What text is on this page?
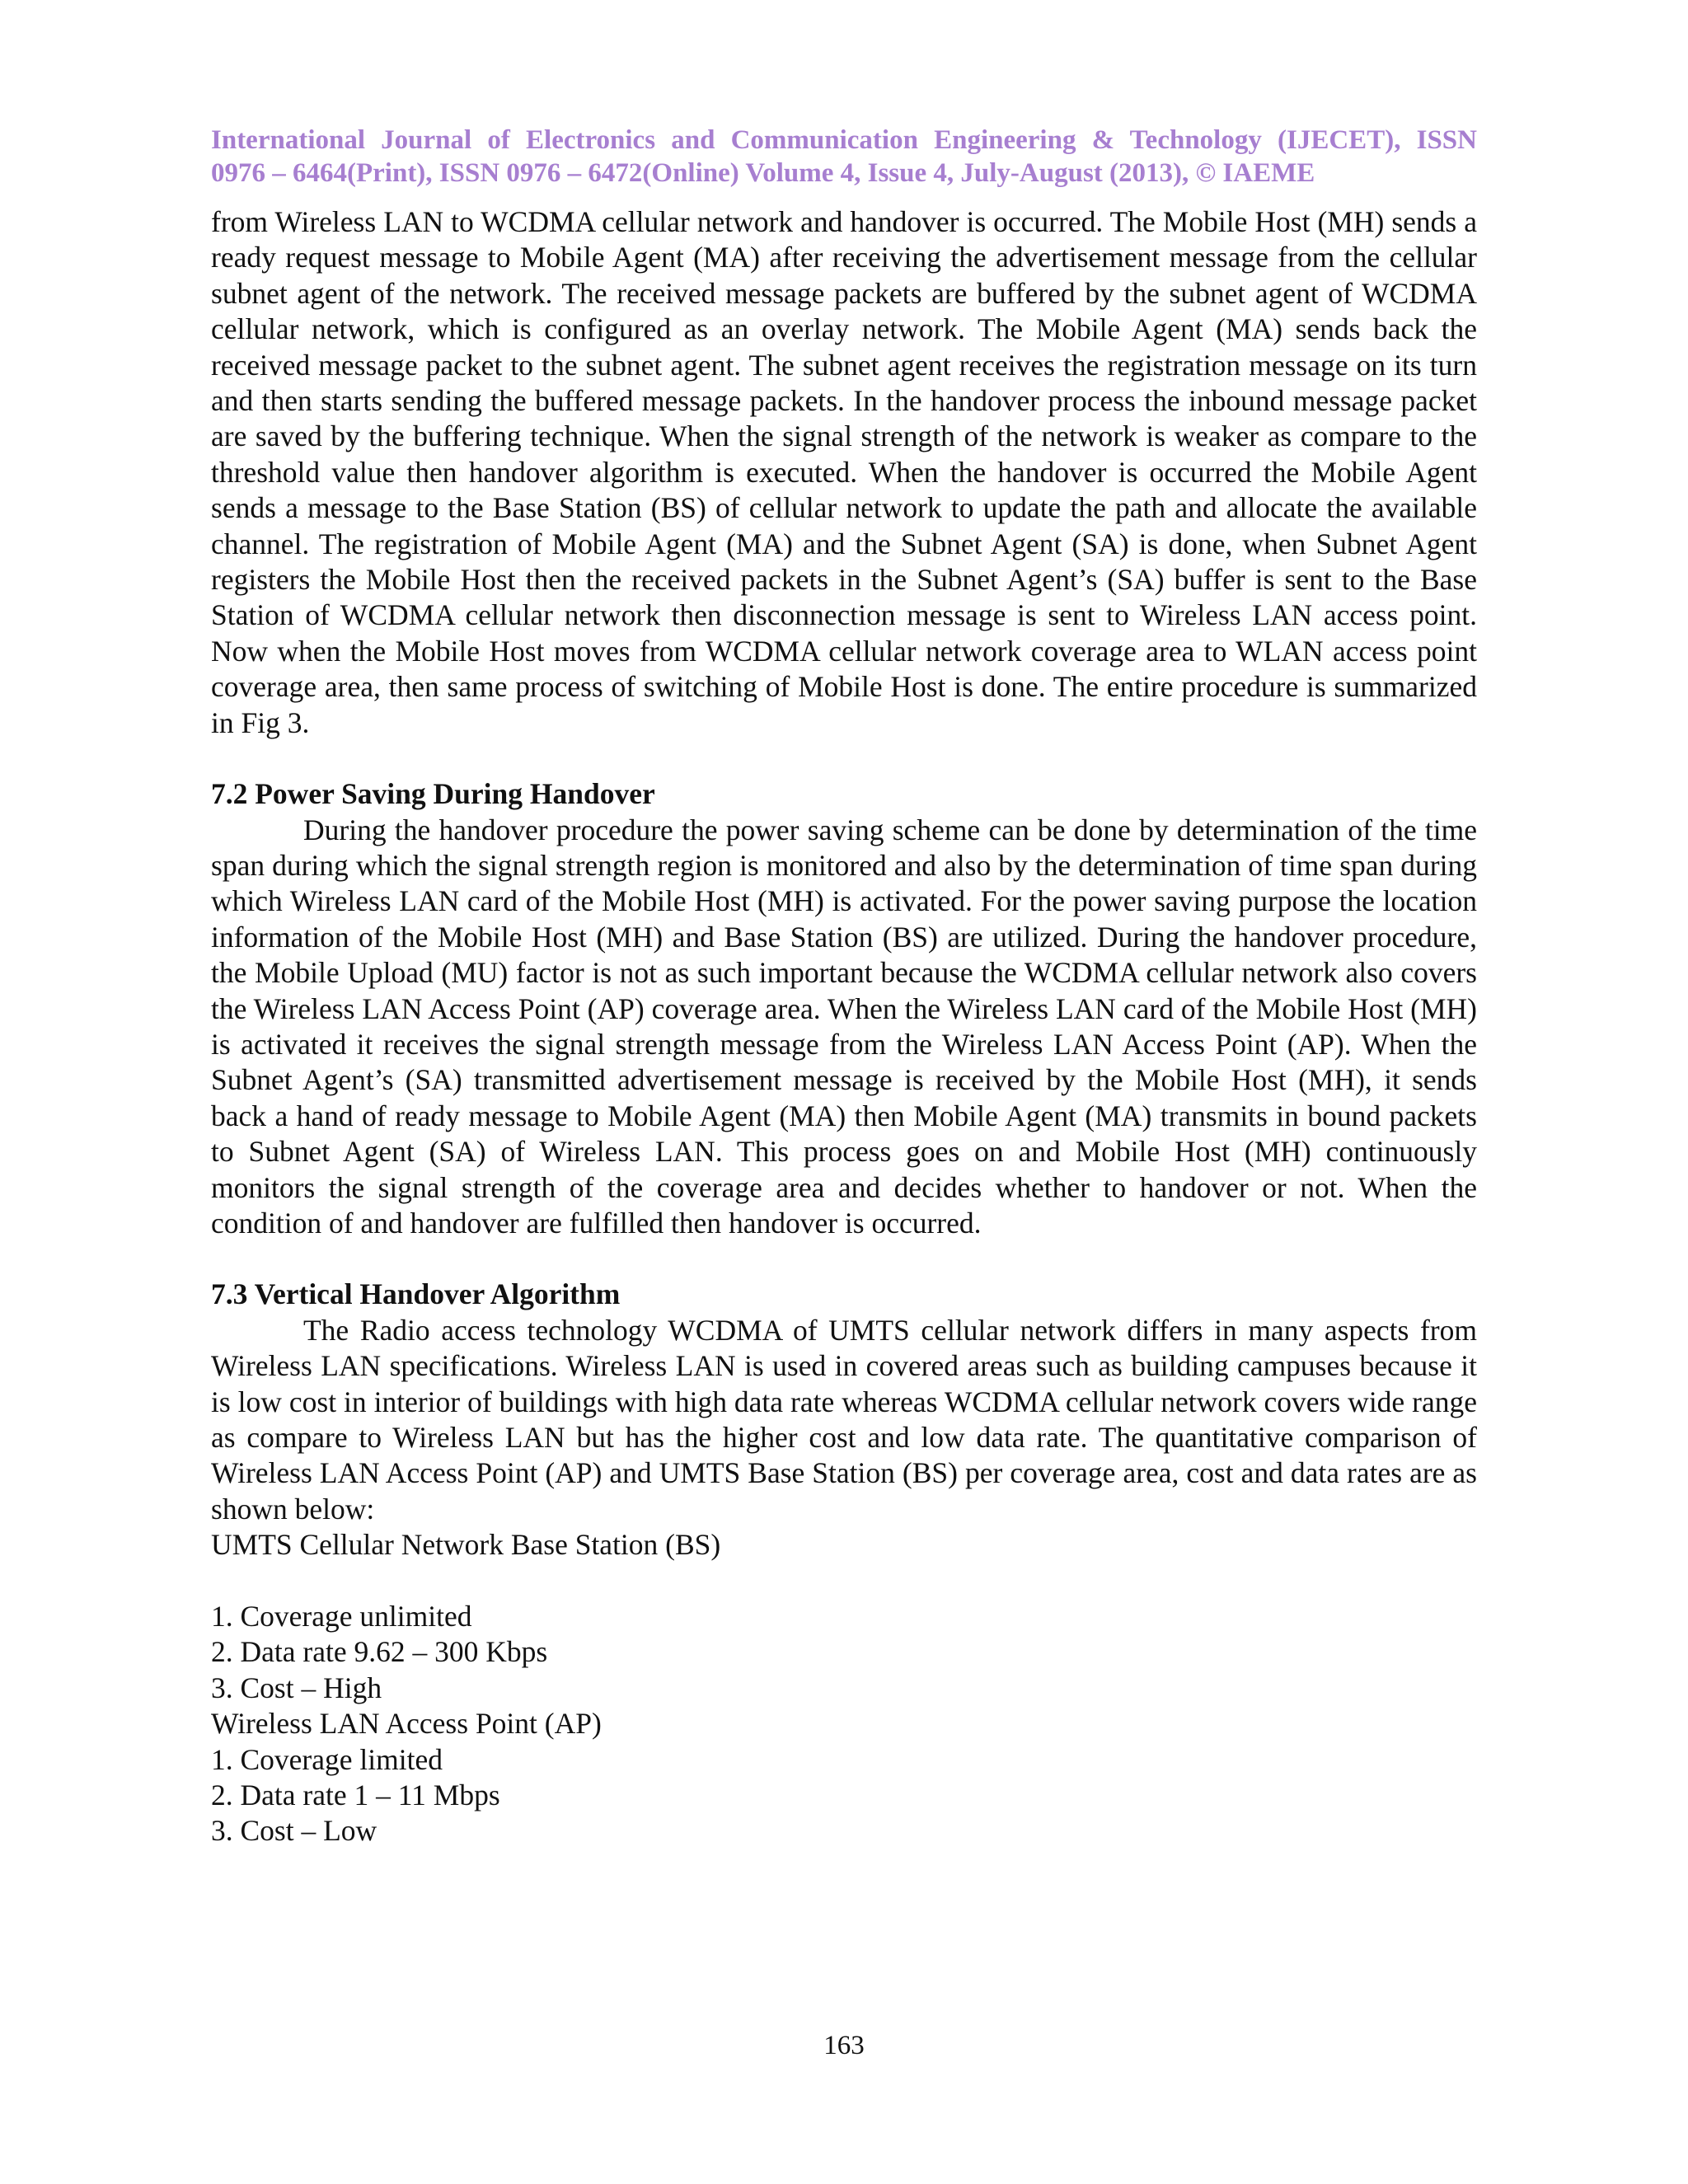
International Journal of Electronics and Communication Engineering & Technology (IJECET), ISSN
0976 – 6464(Print), ISSN 0976 – 6472(Online) Volume 4, Issue 4, July-August (2013), © IAEME

from Wireless LAN to WCDMA cellular network and handover is occurred. The Mobile Host (MH) sends a ready request message to Mobile Agent (MA) after receiving the advertisement message from the cellular subnet agent of the network. The received message packets are buffered by the subnet agent of WCDMA cellular network, which is configured as an overlay network. The Mobile Agent (MA) sends back the received message packet to the subnet agent. The subnet agent receives the registration message on its turn and then starts sending the buffered message packets. In the handover process the inbound message packet are saved by the buffering technique. When the signal strength of the network is weaker as compare to the threshold value then handover algorithm is executed. When the handover is occurred the Mobile Agent sends a message to the Base Station (BS) of cellular network to update the path and allocate the available channel. The registration of Mobile Agent (MA) and the Subnet Agent (SA) is done, when Subnet Agent registers the Mobile Host then the received packets in the Subnet Agent’s (SA) buffer is sent to the Base Station of WCDMA cellular network then disconnection message is sent to Wireless LAN access point. Now when the Mobile Host moves from WCDMA cellular network coverage area to WLAN access point coverage area, then same process of switching of Mobile Host is done. The entire procedure is summarized in Fig 3.

7.2 Power Saving During Handover

During the handover procedure the power saving scheme can be done by determination of the time span during which the signal strength region is monitored and also by the determination of time span during which Wireless LAN card of the Mobile Host (MH) is activated. For the power saving purpose the location information of the Mobile Host (MH) and Base Station (BS) are utilized. During the handover procedure, the Mobile Upload (MU) factor is not as such important because the WCDMA cellular network also covers the Wireless LAN Access Point (AP) coverage area. When the Wireless LAN card of the Mobile Host (MH) is activated it receives the signal strength message from the Wireless LAN Access Point (AP). When the Subnet Agent’s (SA) transmitted advertisement message is received by the Mobile Host (MH), it sends back a hand of ready message to Mobile Agent (MA) then Mobile Agent (MA) transmits in bound packets to Subnet Agent (SA) of Wireless LAN. This process goes on and Mobile Host (MH) continuously monitors the signal strength of the coverage area and decides whether to handover or not. When the condition of and handover are fulfilled then handover is occurred.

7.3 Vertical Handover Algorithm

The Radio access technology WCDMA of UMTS cellular network differs in many aspects from Wireless LAN specifications. Wireless LAN is used in covered areas such as building campuses because it is low cost in interior of buildings with high data rate whereas WCDMA cellular network covers wide range as compare to Wireless LAN but has the higher cost and low data rate. The quantitative comparison of Wireless LAN Access Point (AP) and UMTS Base Station (BS) per coverage area, cost and data rates are as shown below:

UMTS Cellular Network Base Station (BS)
1. Coverage unlimited
2. Data rate 9.62 – 300 Kbps
3. Cost – High
Wireless LAN Access Point (AP)
1. Coverage limited
2. Data rate 1 – 11 Mbps
3. Cost – Low
163
